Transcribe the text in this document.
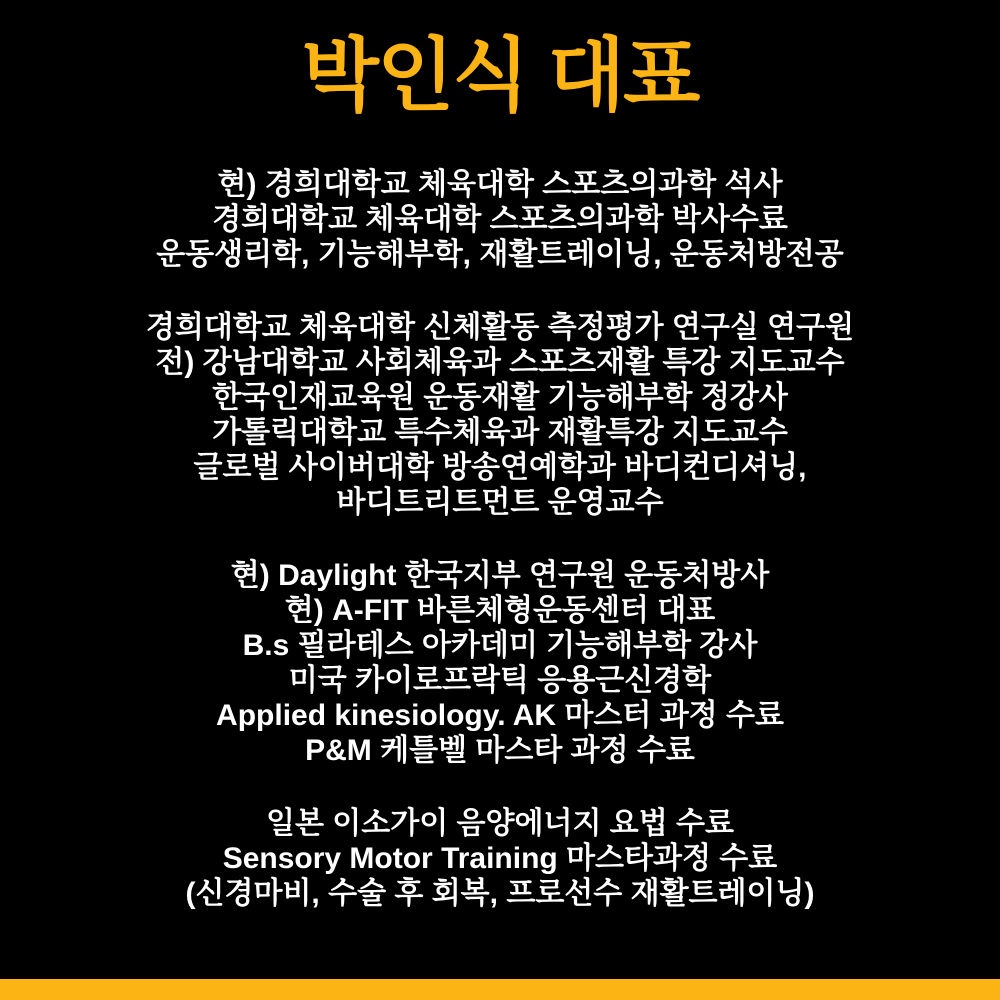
박인식 대표
현) 경희대학교 체육대학 스포츠의과학 석사
경희대학교 체육대학 스포츠의과학 박사수료
운동생리학, 기능해부학, 재활트레이닝, 운동처방전공
경희대학교 체육대학 신체활동 측정평가 연구실 연구원
전) 강남대학교 사회체육과 스포츠재활 특강 지도교수
한국인재교육원 운동재활 기능해부학 정강사
가톨릭대학교 특수체육과 재활특강 지도교수
글로벌 사이버대학 방송연예학과 바디컨디셔닝,
바디트리트먼트 운영교수
현) Daylight 한국지부 연구원 운동처방사
현) A-FIT 바른체형운동센터 대표
B.s 필라테스 아카데미 기능해부학 강사
미국 카이로프락틱 응용근신경학
Applied kinesiology. AK 마스터 과정 수료
P&M 케틀벨 마스타 과정 수료
일본 이소가이 음양에너지 요법 수료
Sensory Motor Training 마스타과정 수료
(신경마비, 수술 후 회복, 프로선수 재활트레이닝)
